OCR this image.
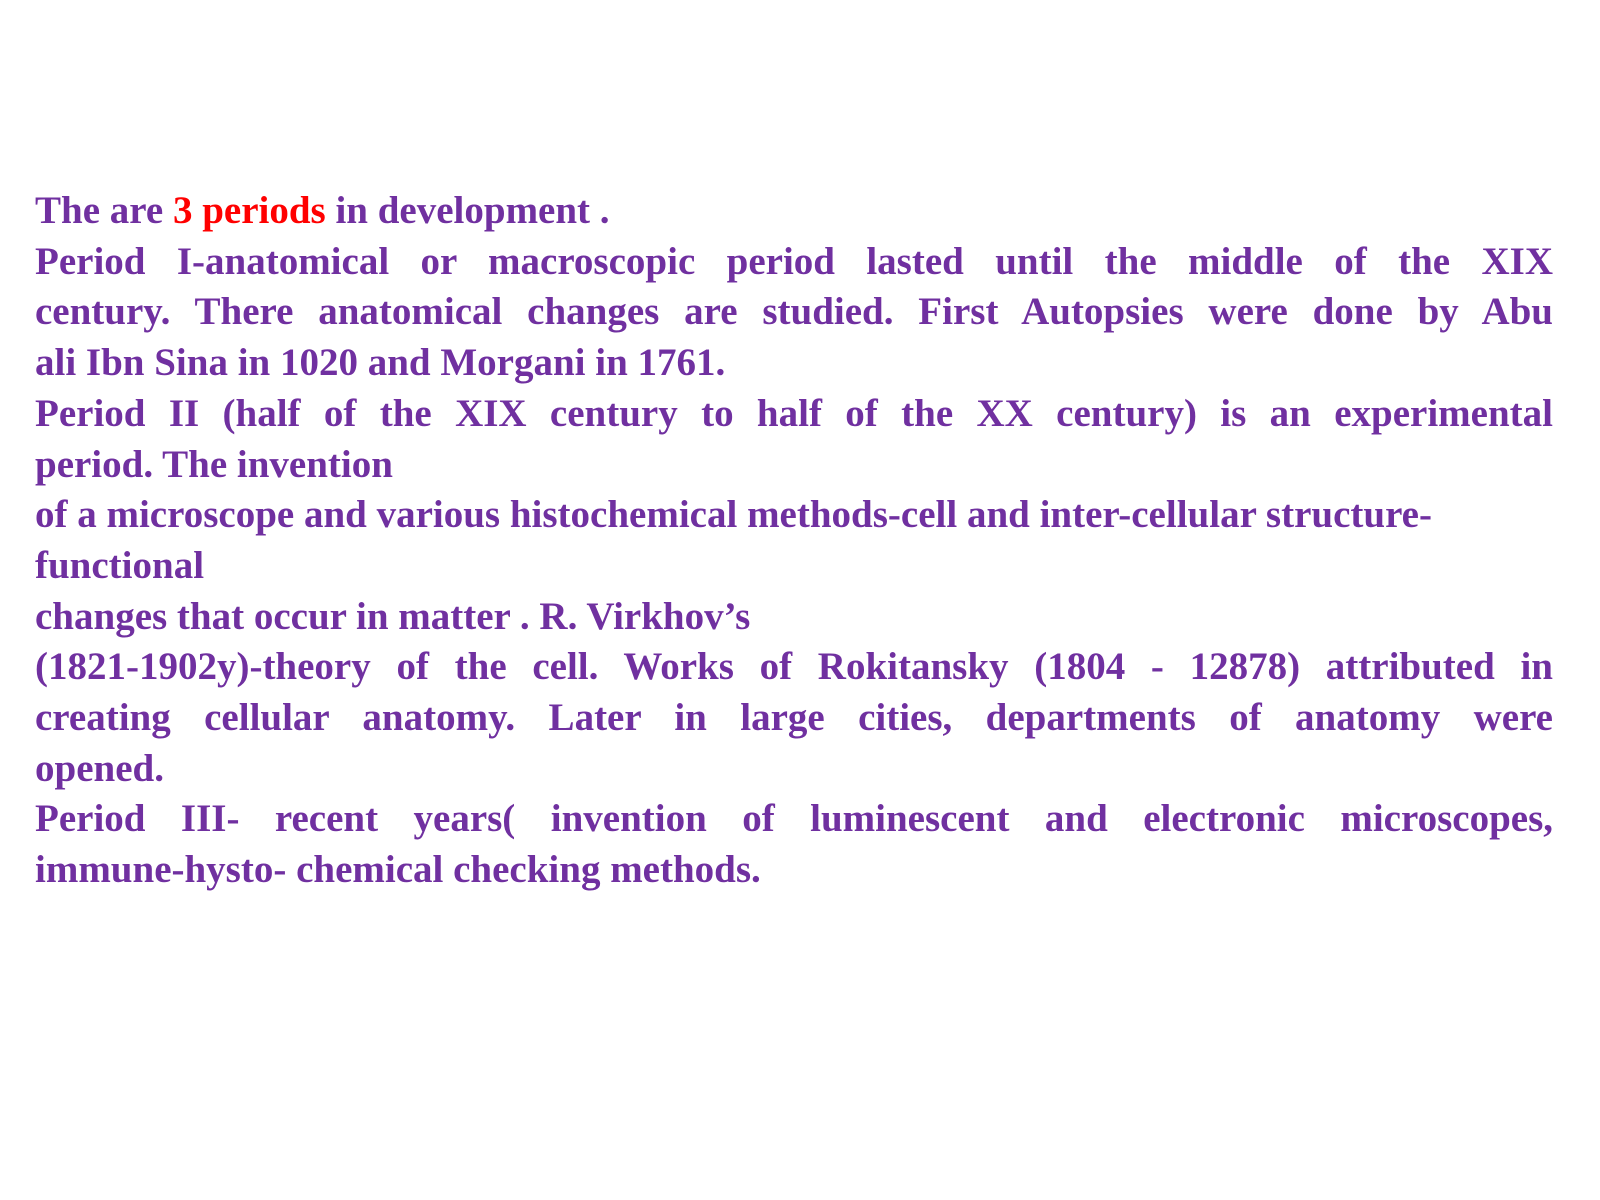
The are 3 periods in development .
Period I-anatomical or macroscopic period lasted until the middle of the XIX
century. There anatomical changes are studied. First Autopsies were done by Abu
ali Ibn Sina in 1020 and Morgani in 1761.
Period II (half of the XIX century to half of the XX century) is an experimental
period. The invention
of a microscope and various histochemical methods-cell and inter-cellular structure-
functional
changes that occur in matter . R. Virkhov’s
(1821-1902y)-theory of the cell. Works of Rokitansky (1804 - 12878) attributed in
creating cellular anatomy. Later in large cities, departments of anatomy were
opened.
Period III- recent years( invention of luminescent and electronic microscopes,
immune-hysto- chemical checking methods.
